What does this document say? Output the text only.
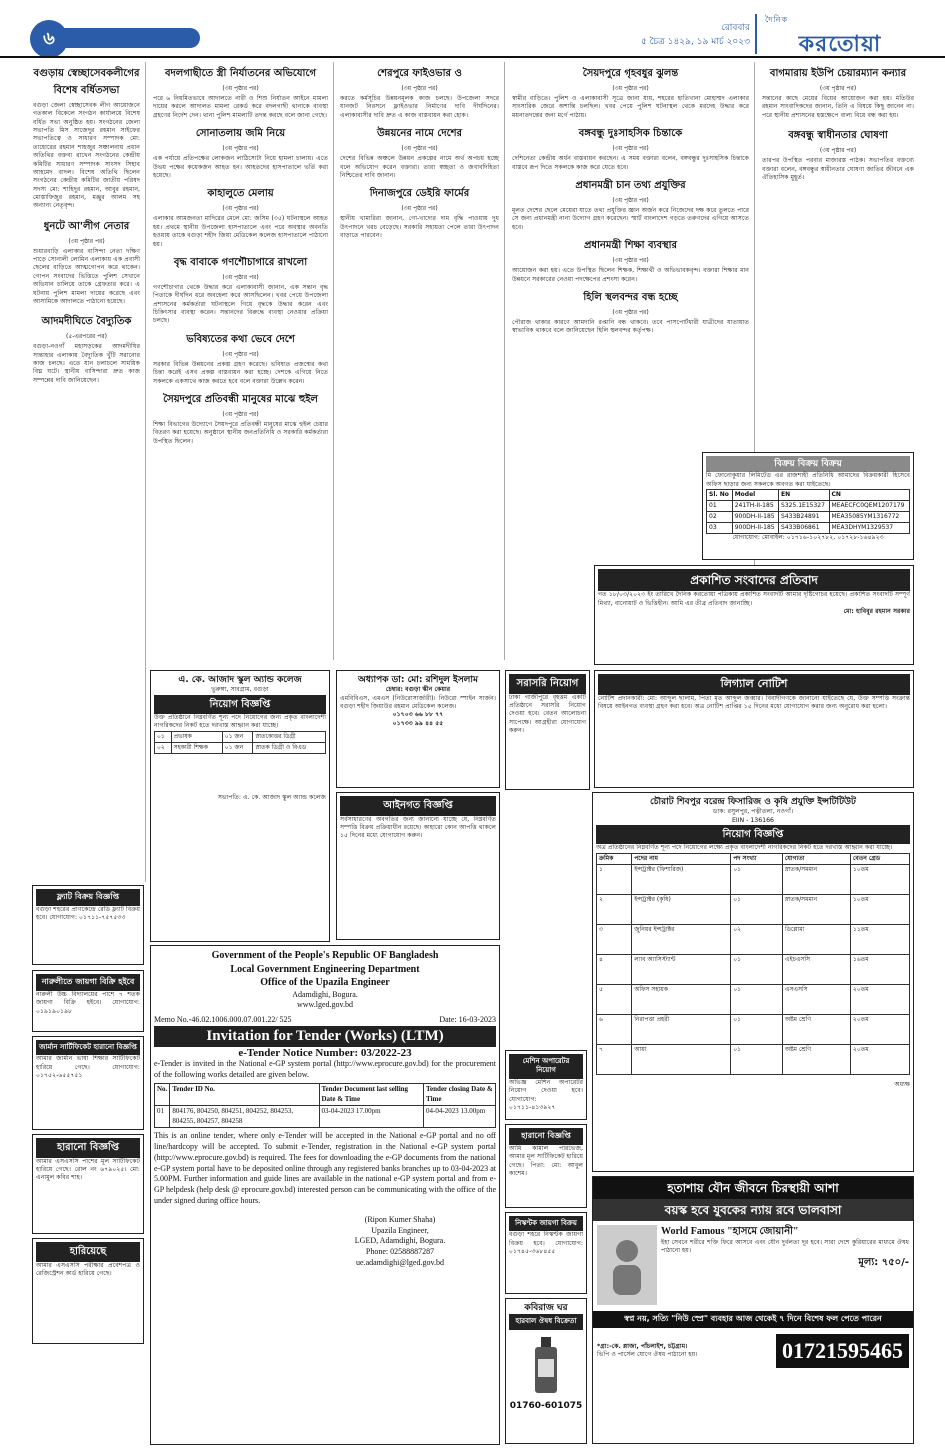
৬	রোববার
৫ চৈত্র ১৪২৯, ১৯ মার্চ ২০২৩
দৈনিক
করতোয়া
বগুড়ায় স্বেচ্ছাসেবকলীগের বিশেষ বর্ধিতসভা

বগুড়া জেলা স্বেচ্ছাসেবক লীগ আয়োজনে গতকাল বিকেলে সংগঠন কার্যালয়ে বিশেষ বর্ধিত সভা অনুষ্ঠিত হয়। সংগঠনের জেলা সভাপতি মিস সাজেদুর রহমান সাইফের সভাপতিত্বে ও সাধারণ সম্পাদক মো: তাহোরের রহমান শাহজুর সঞ্চালনায় প্রধান অতিথির বক্তব্য রাখেন সংগঠনের কেন্দ্রীয় কমিটির সাধারণ সম্পাদক সাংসদ সিহাব আহমেদ বাদল। বিশেষ অতিথি ছিলেন সংগঠনের কেন্দ্রীয় কমিটির জাতীয় পরিষদ সদস্য মো: শাহিদুর রহমান, আবুর রহমান, মোস্তাফিজুর রহমান, মঞ্জুর আলম সহ অন্যান্য নেতৃবৃন্দ।

ধুনটে আ'লীগ নেতার
(৩য় পৃষ্ঠার পর)

শুয়ারবাড়ি এলাকার বাসিন্দা নেতা দক্ষিণ পাড়ে সোনালী লোমিন এলাকায় এক প্রবাসী ছেলের বাড়িতে আত্মগোপন করে থাকেন। গোপন সংবাদের ভিত্তিতে পুলিশ সেখানে অভিযান চালিয়ে তাকে গ্রেফতার করে। এ ঘটনায় পুলিশ মামলা দায়ের করেছে এবং আসামিকে আদালতে পাঠানো হয়েছে।

আদমদীঘিতে বৈদ্যুতিক
(৫-এরপরের পর)

বগুড়া-নওগাঁ মহাসড়কের আদমদীঘির সান্তাহার এলাকায় বৈদ্যুতিক খুঁটি সরানোর কাজ চলছে। এতে যান চলাচলে সাময়িক বিঘ্ন ঘটে। স্থানীয় বাসিন্দারা দ্রুত কাজ সম্পন্নের দাবি জানিয়েছেন।

ফ্ল্যাট বিক্রয় বিজ্ঞপ্তি

বগুড়া শহরের প্রাণকেন্দ্রে রেডি ফ্ল্যাট বিক্রয় হবে। যোগাযোগ: ০১৭১১-৭৫৭৫৩৩

নারুলীতে জায়গা বিক্রি হইবে

নারুলী উচ্চ বিদ্যালয়ের পাশে ৭ শতক জায়গা বিক্রি হইবে। যোগাযোগ: ০১৯১৯০১৯৮

জার্মান সার্টিফিকেট হারানো বিজ্ঞপ্তি

আমার জার্মান ভাষা শিক্ষার সার্টিফিকেট হারিয়ে গেছে। যোগাযোগ: ০১৭৫২-৬৫৫৭৫১

হারানো বিজ্ঞপ্তি

আমার এসএসসি পাশের মূল সার্টিফিকেট হারিয়ে গেছে। রোল নং ৬৭৯০২৫। মো: এনামুল কবির শাহ।

হারিয়েছে

আমার এসএসসি পরীক্ষার প্রবেশপত্র ও রেজিস্ট্রেশন কার্ড হারিয়ে গেছে।

বদলগাছীতে স্ত্রী নির্যাতনের অভিযোগে
(৩য় পৃষ্ঠার পর)

পরে ৬ নিয়মিতভাবে আদালতে নারী ও শিশু নির্যাতন আইনে মামলা দায়ের করলে আদালত মামলা রেকর্ড করে বদলগাছী থানাকে ব্যবস্থা গ্রহণের নির্দেশ দেন। থানা পুলিশ মামলাটি তদন্ত করছে বলে জানা গেছে।

সোনাতলায় জমি নিয়ে
(৩য় পৃষ্ঠার পর)

এক পর্যায়ে প্রতিপক্ষের লোকজন লাঠিসোটা নিয়ে হামলা চালায়। এতে উভয় পক্ষের কয়েকজন আহত হন। আহতদের হাসপাতালে ভর্তি করা হয়েছে।

কাহালুতে মেলায়
(৩য় পৃষ্ঠার পর)

এলাকার আমজনতা মাদিরের মেলে মো: জসিম (৩৫) ঘটনাস্থলে আহত হয়। প্রথমে স্থানীয় উপজেলা হাসপাতালে এবং পরে অবস্থার অবনতি হওয়ায় তাকে বগুড়া শহীদ জিয়া মেডিকেল কলেজ হাসপাতালে পাঠানো হয়।

বৃদ্ধ বাবাকে গণশৌচাগারে রাখলো
(৩য় পৃষ্ঠার পর)

গণশৌচাগার থেকে উদ্ধার করে এলাকাবাসী জানান, এক সন্তান বৃদ্ধ পিতাকে দীর্ঘদিন ধরে অবহেলা করে আসছিলেন। খবর পেয়ে উপজেলা প্রশাসনের কর্মকর্তারা ঘটনাস্থলে গিয়ে বৃদ্ধকে উদ্ধার করেন এবং চিকিৎসার ব্যবস্থা করেন। সন্তানদের বিরুদ্ধে ব্যবস্থা নেওয়ার প্রক্রিয়া চলছে।

ভবিষ্যতের কথা ভেবে দেশে
(৩য় পৃষ্ঠার পর)

সরকার বিভিন্ন উন্নয়নের প্রকল্প গ্রহণ করেছে। ভবিষ্যত প্রজন্মের কথা চিন্তা করেই এসব প্রকল্প বাস্তবায়ন করা হচ্ছে। দেশকে এগিয়ে নিতে সকলকে একসাথে কাজ করতে হবে বলে বক্তারা উল্লেখ করেন।

সৈয়দপুরে প্রতিবন্ধী মানুষের মাঝে হুইল
(৩য় পৃষ্ঠার পর)

শিক্ষা বিভাগের উদ্যোগে সৈয়দপুরে প্রতিবন্ধী মানুষের মাঝে হুইল চেয়ার বিতরণ করা হয়েছে। অনুষ্ঠানে স্থানীয় জনপ্রতিনিধি ও সরকারি কর্মকর্তারা উপস্থিত ছিলেন।

শেরপুরে ফাইওভার ও
(৩য় পৃষ্ঠার পর)

করতে কর্মসূচির উন্নয়নমূলক কাজ চলছে। উপজেলা সদরে যানজট নিরসনে ফ্লাইওভার নির্মাণের দাবি দীর্ঘদিনের। এলাকাবাসীর দাবি দ্রুত এ কাজ বাস্তবায়ন করা হোক।

উন্নয়নের নামে দেশের
(৩য় পৃষ্ঠার পর)

দেশের বিভিন্ন অঞ্চলে উন্নয়ন প্রকল্পের নামে অর্থ অপচয় হচ্ছে বলে অভিযোগ করেন বক্তারা। তারা স্বচ্ছতা ও জবাবদিহিতা নিশ্চিতের দাবি জানান।

দিনাজপুরে ডেইরি ফার্মের
(৩য় পৃষ্ঠার পর)

স্থানীয় খামারিরা জানান, গো-খাদ্যের দাম বৃদ্ধি পাওয়ায় দুধ উৎপাদনে খরচ বেড়েছে। সরকারি সহায়তা পেলে তারা উৎপাদন বাড়াতে পারবেন।

সৈয়দপুরে গৃহবধুর ঝুলন্ত
(৩য় পৃষ্ঠার পর)

স্বামীর বাড়িতে। পুলিশ ও এলাকাবাসী সূত্রে জানা যায়, শহরের হাতিখানা মোহাম্মদ এলাকার সাংসারিক জেরে অশান্তি চলছিল। খবর পেয়ে পুলিশ ঘটনাস্থল থেকে মরদেহ উদ্ধার করে ময়নাতদন্তের জন্য মর্গে পাঠায়।

বঙ্গবন্ধু দুঃসাহসিক চিন্তাকে
(৩য় পৃষ্ঠার পর)

দেশিনেতা কেন্দ্রীয় অর্ধন বাস্তবায়ন করছেন। এ সময় বক্তারা বলেন, বঙ্গবন্ধুর দুঃসাহসিক চিন্তাকে বাস্তবে রূপ দিতে সকলকে কাজ করে যেতে হবে।

প্রধানমন্ত্রী চান তথ্য প্রযুক্তির
(৩য় পৃষ্ঠার পর)

মূলত দেশের ছেলে মেয়েরা যাতে তথ্য প্রযুক্তির জ্ঞান অর্জন করে নিজেদের দক্ষ করে তুলতে পারে সে জন্য প্রধানমন্ত্রী নানা উদ্যোগ গ্রহণ করেছেন। স্মার্ট বাংলাদেশ গড়তে তরুণদের এগিয়ে আসতে হবে।

প্রধানমন্ত্রী শিক্ষা ব্যবস্থার
(৩য় পৃষ্ঠার পর)

আয়োজন করা হয়। এতে উপস্থিত ছিলেন শিক্ষক, শিক্ষার্থী ও অভিভাবকবৃন্দ। বক্তারা শিক্ষার মান উন্নয়নে সরকারের নেওয়া পদক্ষেপের প্রশংসা করেন।

হিলি স্থলবন্দর বন্ধ হচ্ছে
(৩য় পৃষ্ঠার পর)

পৌরাজ থাকার কারণে আমদানি রপ্তানি বন্ধ থাকবে। তবে পাসপোর্টধারী যাত্রীদের যাতায়াত স্বাভাবিক থাকবে বলে জানিয়েছেন হিলি স্থলবন্দর কর্তৃপক্ষ।

বাগমারায় ইউপি চেয়ারম্যান কন্যার
(৩য় পৃষ্ঠার পর)

সন্তানের কাছে মেয়ের বিয়ের আয়োজন করা হয়। মতিউর রহমান সাংবাদিকদের জানান, তিনি এ বিষয়ে কিছু জানেন না। পরে স্থানীয় প্রশাসনের হস্তক্ষেপে বাল্য বিয়ে বন্ধ করা হয়।

বঙ্গবন্ধু স্বাধীনতার ঘোষণা
(৩য় পৃষ্ঠার পর)

তারপর উপস্থিত পরবার মাজারস্ত পাঠক। সভাপতির বক্তব্যে বক্তারা বলেন, বঙ্গবন্ধুর স্বাধীনতার ঘোষণা জাতির জীবনে এক ঐতিহাসিক মুহূর্ত।

বিক্রয় বিক্রয় বিক্রয়

মি ফোনোকুয়ার লিমিটেড এর রাজশাহী প্রতিনিধি আমাদের বিক্রয়কারী হিসেবে অফিস ছাড়ার জন্য সকলকে অবগত করা যাইতেছে।

Sl. No	Model	EN	CN
01	241TH-II-185	S325.1E15327	MEAECFC0QEM1207179
02	900DH-II-185	S433B24891	MEA35085YM1316772
03	900DH-II-185	S433B06861	MEA3DHYM1329537
যোগাযোগ: মোবাইল: ০১৭১৬-১০২৭৮২, ০১৭২৮-১৬৪৯২৩
প্রকাশিত সংবাদের প্রতিবাদ

গত ১৮/০৩/২০২৩ ইং তারিখে দৈনিক করতোয়া পত্রিকায় প্রকাশিত সংবাদটি আমার দৃষ্টিগোচর হয়েছে। প্রকাশিত সংবাদটি সম্পূর্ণ মিথ্যা, বানোয়াট ও ভিত্তিহীন। আমি এর তীব্র প্রতিবাদ জানাচ্ছি।

মো: হাবিবুর রহমান সরকার
এ. কে. আজাদ স্কুল অ্যান্ড কলেজ
ভুরুঙ্গা, সাবগ্রাম, বগুড়া
নিয়োগ বিজ্ঞপ্তি

উক্ত প্রতিষ্ঠানে নিম্নবর্ণিত শূন্য পদে নিয়োগের জন্য প্রকৃত বাংলাদেশী নাগরিকদের নিকট হতে দরখাস্ত আহ্বান করা যাচ্ছে।

০১	প্রভাষক	০১ জন	স্নাতকোত্তর ডিগ্রী
০২	সহকারী শিক্ষক	০১ জন	স্নাতক ডিগ্রী ও বিএড
সভাপতি: এ. কে. আজাদ স্কুল অ্যান্ড কলেজ
অধ্যাপক ডা: মো: রশিদুল ইসলাম
চেম্বার: বগুড়া স্কীন কেয়ার

এমবিবিএস, এমএস (নিউরোসার্জারী)। নিউরো স্পাইন সার্জন। বগুড়া শহীদ জিয়াউর রহমান মেডিকেল কলেজ।

০১৭০৩ ৬৬ ৮৮ ৭৭
০১৭৩৩ ৯৯ ৪৪ ৫৫
আইনগত বিজ্ঞপ্তি

সর্বসাধারণের অবগতির জন্য জানানো যাচ্ছে যে, নিম্নবর্ণিত সম্পত্তি বিক্রয় প্রক্রিয়াধীন রয়েছে। কাহারো কোন আপত্তি থাকলে ১৫ দিনের মধ্যে যোগাযোগ করুন।

সরাসরি নিয়োগ

ঢাকা গাজীপুরে বৃহত্তম একটি প্রতিষ্ঠানে সরাসরি নিয়োগ দেওয়া হবে। বেতন আলোচনা সাপেক্ষে। আগ্রহীরা যোগাযোগ করুন।

লিগ্যাল নোটিশ

নোটিশ প্রদানকারী: মো: আব্দুল ছালাম, পিতা মৃত আব্দুল জব্বার। বিবাদীগণকে জানানো যাইতেছে যে, উক্ত সম্পত্তি সংক্রান্ত বিষয়ে আইনগত ব্যবস্থা গ্রহণ করা হবে। অত্র নোটিশ প্রাপ্তির ১৫ দিনের মধ্যে যোগাযোগ করার জন্য অনুরোধ করা হলো।

চৌরাট শিবপুর বরেন্দ্র ফিসারিজ ও কৃষি প্রযুক্তি ইন্সটিটিউট
ডাক: রসুলপুর, পত্নীতলা, নওগাঁ।
EIIN - 136166
নিয়োগ বিজ্ঞপ্তি

অত্র প্রতিষ্ঠানের নিম্নবর্ণিত শূন্য পদে নিয়োগের লক্ষ্যে প্রকৃত বাংলাদেশী নাগরিকদের নিকট হতে দরখাস্ত আহ্বান করা যাচ্ছে।

ক্রমিক	পদের নাম	পদ সংখ্যা	যোগ্যতা	বেতন গ্রেড
১	ইন্সট্রাক্টর (ফিশারিজ)	০১	স্নাতক/সমমান	১০তম
২	ইন্সট্রাক্টর (কৃষি)	০১	স্নাতক/সমমান	১০তম
৩	জুনিয়র ইন্সট্রাক্টর	০২	ডিপ্লোমা	১১তম
৪	ল্যাব অ্যাসিস্ট্যান্ট	০১	এইচএসসি	১৬তম
৫	অফিস সহায়ক	০১	এসএসসি	২০তম
৬	নিরাপত্তা প্রহরী	০১	অষ্টম শ্রেণি	২০তম
৭	আয়া	০১	অষ্টম শ্রেণি	২০তম
অধ্যক্ষ
Government of the People's Republic OF Bangladesh
Local Government Engineering Department
Office of the Upazila Engineer
Adamdighi, Bogura.
www.lged.gov.bd
Memo No.-46.02.1006.000.07.001.22/ 525	Date: 16-03-2023
Invitation for Tender (Works) (LTM)
e-Tender Notice Number: 03/2022-23

e-Tender is invited in the National e-GP system portal (http://www.eprocure.gov.bd) for the procurement of the following works detailed are given below.

No.	Tender ID No.	Tender Document last selling Date & Time	Tender closing Date & Time
01	804176, 804250, 804251, 804252, 804253, 804255, 804257, 804258	03-04-2023 17.00pm	04-04-2023 13.00pm

This is an online tender, where only e-Tender will be accepted in the National e-GP portal and no off line/hardcopy will be accepted. To submit e-Tender, registration in the National e-GP system portal (http://www.eprocure.gov.bd) is required. The fees for downloading the e-GP documents from the national e-GP system portal have to be deposited online through any registered banks branches up to 03-04-2023 at 5.00PM. Further information and guide lines are available in the national e-GP system portal and from e-GP helpdesk (help desk @ eprocure.gov.bd) interested person can be communicating with the office of the under signed during office hours.

(Ripon Kumer Shaha)
Upazila Engineer,
LGED, Adamdighi, Bogura.
Phone: 02588887287
ue.adamdighi@lged.gov.bd
মেশিন অপারেটর নিয়োগ

অভিজ্ঞ মেশিন অপারেটর নিয়োগ দেওয়া হবে। যোগাযোগ: ০১৭১১-৪১৩৯২৭

হারানো বিজ্ঞপ্তি

আমি কামাল পারভেজ, আমার মূল সার্টিফিকেট হারিয়ে গেছে। পিতা: মো: আবুল কাশেম।

নিস্কণ্টক জায়গা বিক্রয়

বগুড়া শহরে নিস্কণ্টক জায়গা বিক্রয় হবে। যোগাযোগ: ০১৭৪৫-৩৬৮৪৫৫

কবিরাজ ঘর
হারবাল ঔষধ বিক্রেতা
01760-601075
হতাশায় যৌন জীবনে চিরস্থায়ী আশা
বয়স্ক হবে যুবকের ন্যায় রবে ভালবাসা
World Famous "হাসমে জোয়ানী"

ইহা সেবনে শরীরে শক্তি ফিরে আসবে এবং যৌন দুর্বলতা দূর হবে। সারা দেশে কুরিয়ারের মাধ্যমে ঔষধ পাঠানো হয়।

মূল্য: ৭৫০/-
স্বপ্ন নয়, সত্যি "নিউ স্প্রে" ব্যবহার আজ থেকেই ৭ দিনে বিশেষ ফল পেতে পারেন
*গ্রা:-কে. প্লাজা, পাঁচলাইশ, চট্টগ্রাম।
ভিপি ও পার্সেল যোগে ঔষধ পাঠানো হয়।	01721595465
